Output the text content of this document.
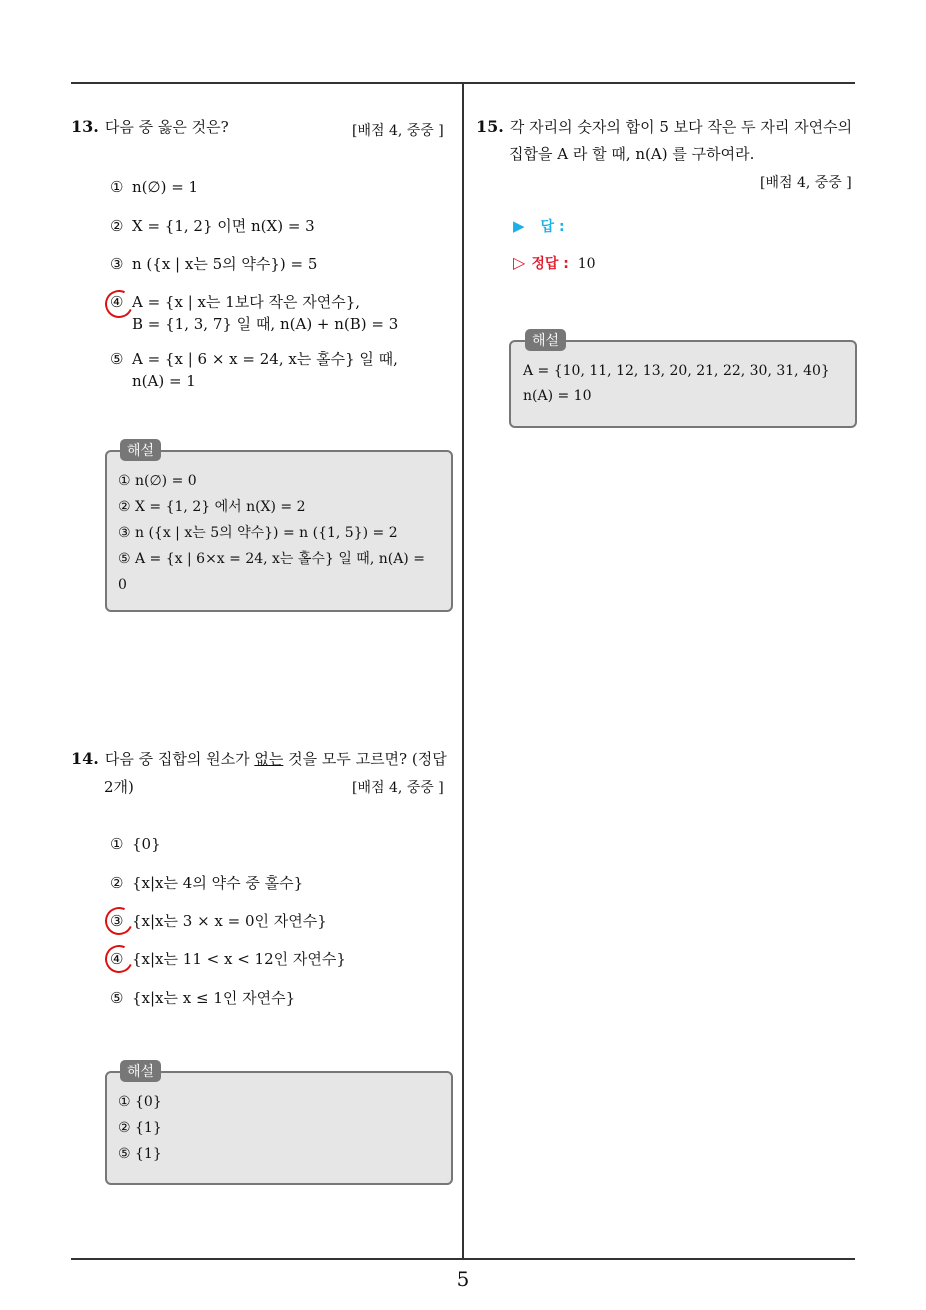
13. 다음 중 옳은 것은?	[배점 4, 중중 ]
① n(∅) = 1
② X = {1, 2} 이면 n(X) = 3
③ n ({x | x는 5의 약수}) = 5
④ A = {x | x는 1보다 작은 자연수},
B = {1, 3, 7} 일 때, n(A) + n(B) = 3
⑤ A = {x | 6 × x = 24, x는 홀수} 일 때,
n(A) = 1
해설
① n(∅) = 0
② X = {1, 2} 에서 n(X) = 2
③ n ({x | x는 5의 약수}) = n ({1, 5}) = 2
⑤ A = {x | 6×x = 24, x는 홀수} 일 때, n(A) =
0
14. 다음 중 집합의 원소가 없는 것을 모두 고르면? (정답
2개)	[배점 4, 중중 ]
① {0}
② {x|x는 4의 약수 중 홀수}
③ {x|x는 3 × x = 0인 자연수}
④ {x|x는 11 < x < 12인 자연수}
⑤ {x|x는 x ≤ 1인 자연수}
해설
① {0}
② {1}
⑤ {1}
15. 각 자리의 숫자의 합이 5 보다 작은 두 자리 자연수의
집합을 A 라 할 때, n(A) 를 구하여라.
[배점 4, 중중 ]
▶ 답 :
▷ 정답 : 10
해설
A = {10, 11, 12, 13, 20, 21, 22, 30, 31, 40}
n(A) = 10
5
